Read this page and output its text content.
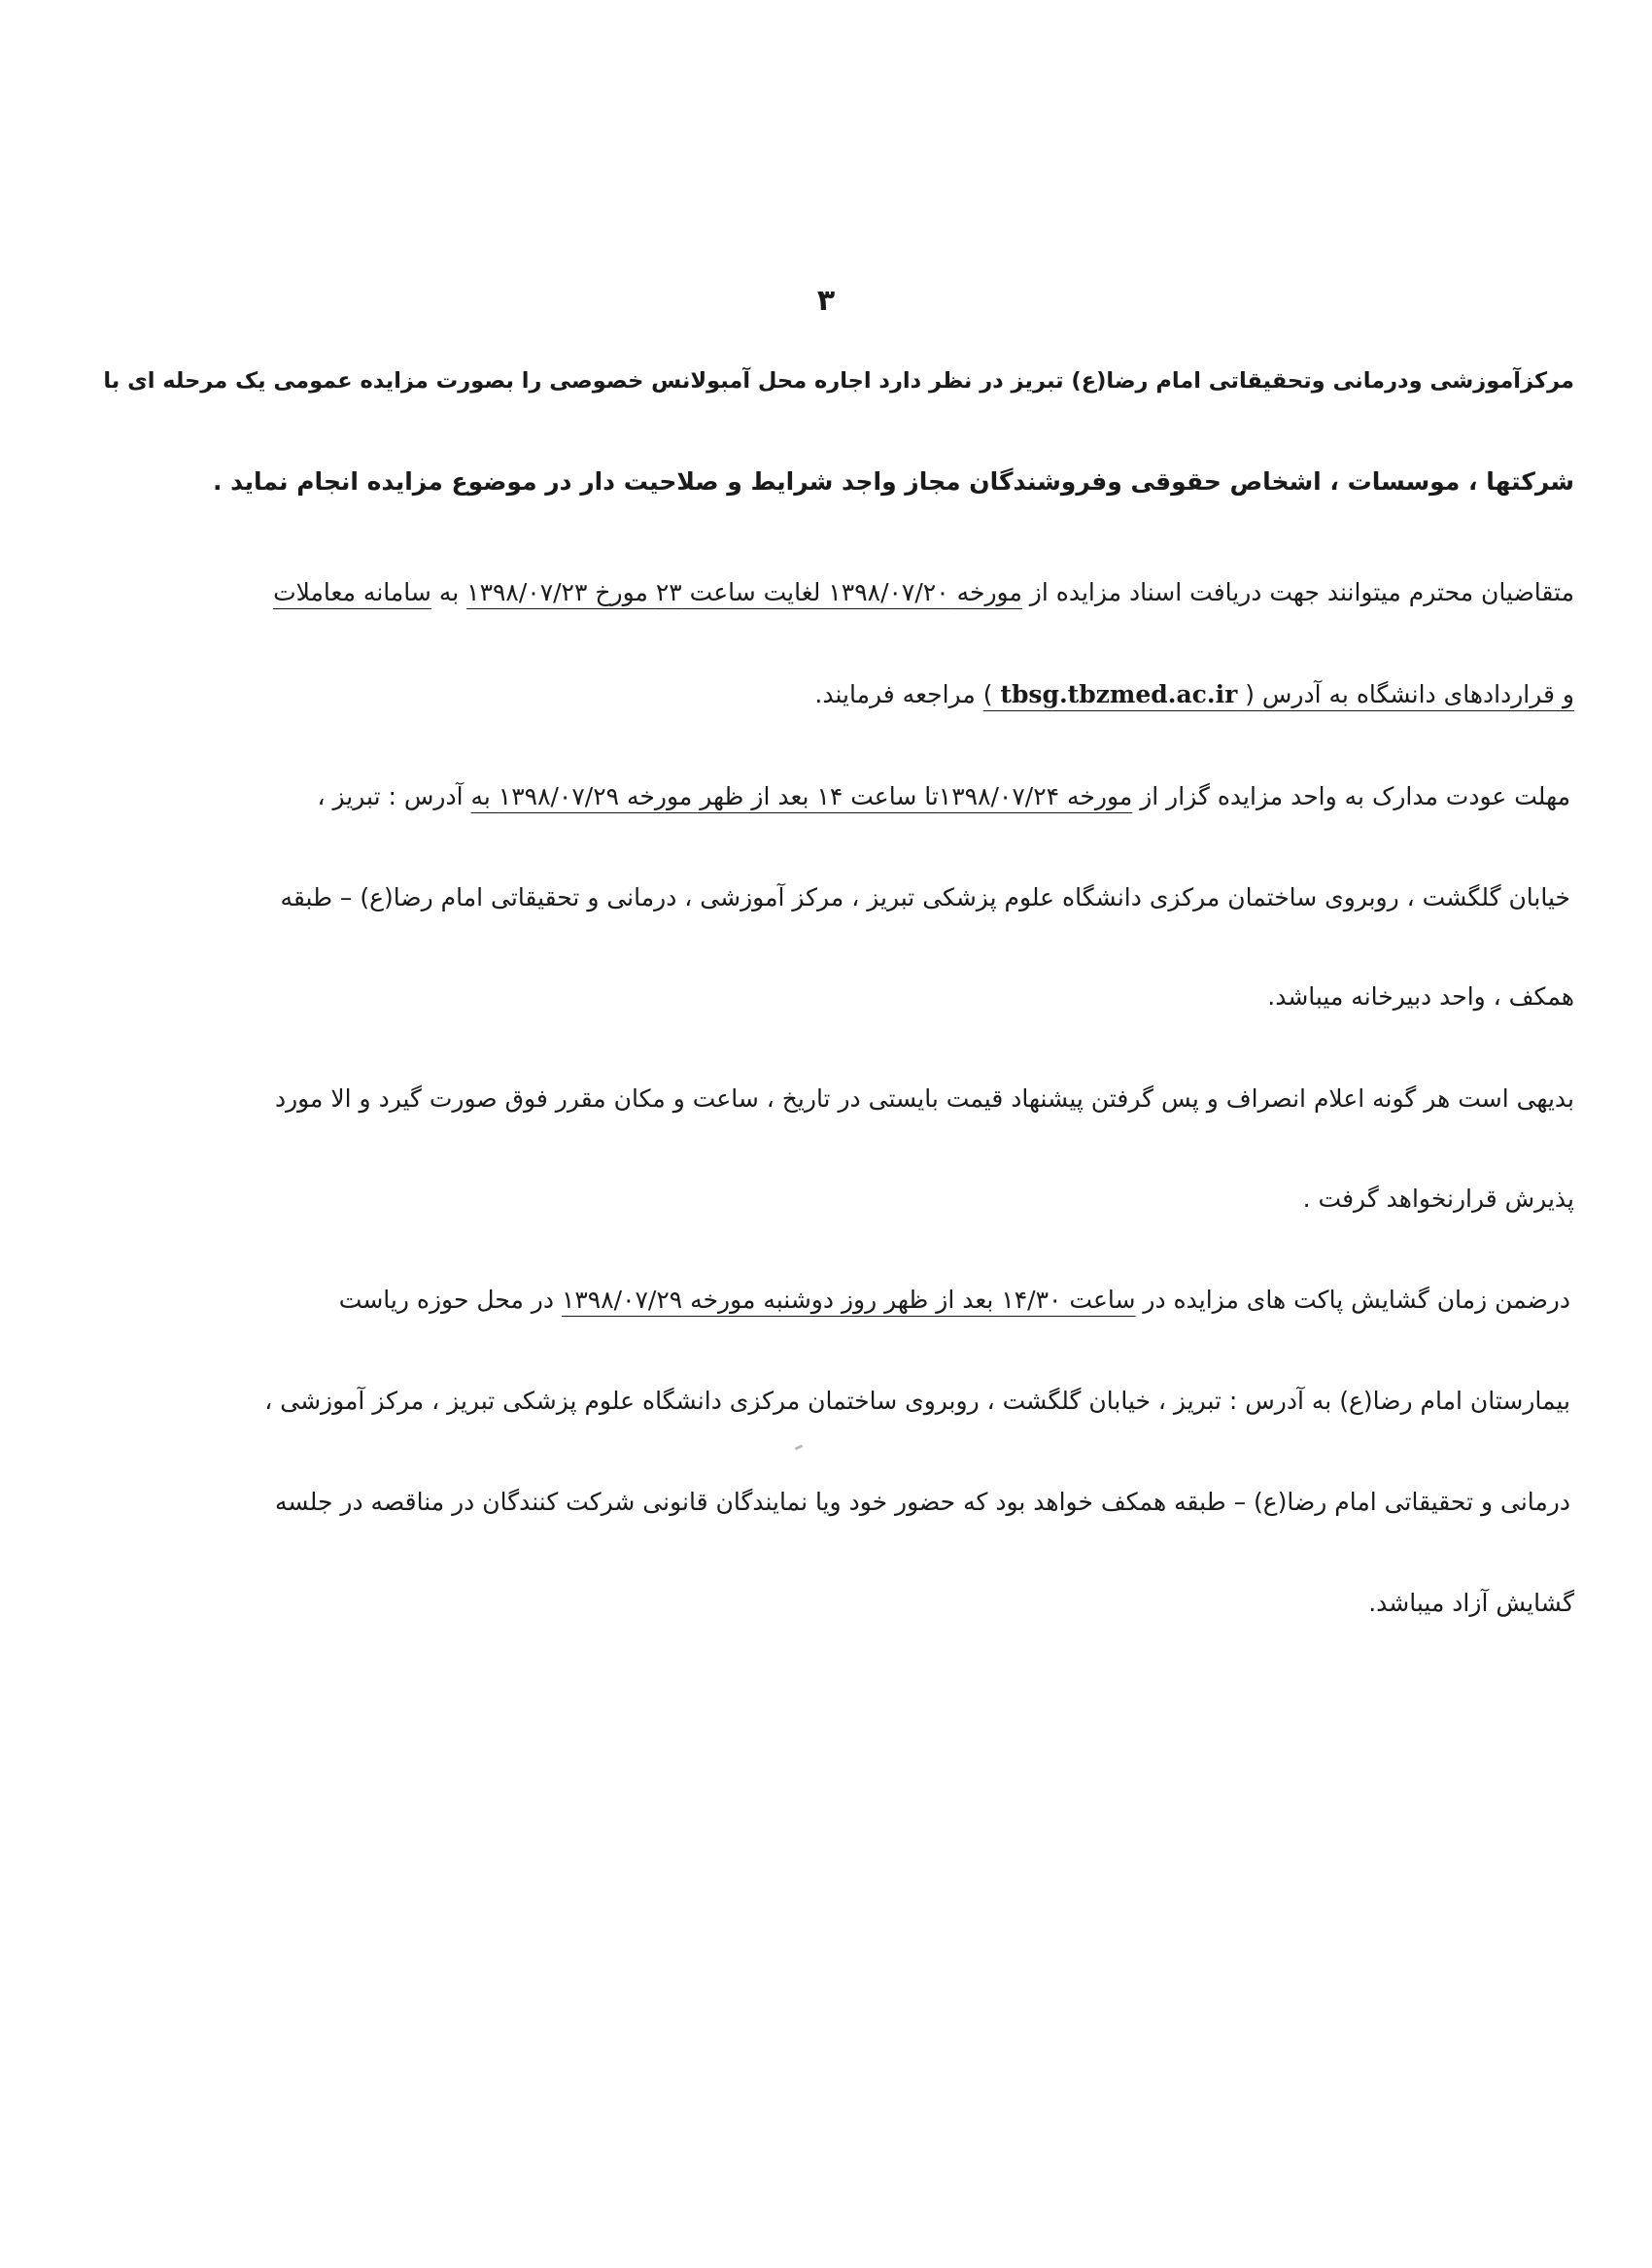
۳
مرکزآموزشی ودرمانی وتحقیقاتی امام رضا(ع) تبریز در نظر دارد اجاره محل آمبولانس خصوصی را بصورت مزایده عمومی یک مرحله ای با
شرکتها ، موسسات ، اشخاص حقوقی وفروشندگان مجاز واجد شرایط و صلاحیت دار در موضوع مزایده انجام نماید .
متقاضیان محترم میتوانند جهت دریافت اسناد مزایده از مورخه ۱۳۹۸/۰۷/۲۰ لغایت ساعت ۲۳ مورخ ۱۳۹۸/۰۷/۲۳ به سامانه معاملات
و قراردادهای دانشگاه به آدرس ( tbsg.tbzmed.ac.ir ) مراجعه فرمایند.
مهلت عودت مدارک به واحد مزایده گزار از مورخه ۱۳۹۸/۰۷/۲۴تا ساعت ۱۴ بعد از ظهر مورخه ۱۳۹۸/۰۷/۲۹ به آدرس : تبریز ،
خیابان گلگشت ، روبروی ساختمان مرکزی دانشگاه علوم پزشکی تبریز ، مرکز آموزشی ، درمانی و تحقیقاتی امام رضا(ع) – طبقه
همکف ، واحد دبیرخانه میباشد.
بدیهی است هر گونه اعلام انصراف و پس گرفتن پیشنهاد قیمت بایستی در تاریخ ، ساعت و مکان مقرر فوق صورت گیرد و الا مورد
پذیرش قرارنخواهد گرفت .
درضمن زمان گشایش پاکت های مزایده در ساعت ۱۴/۳۰ بعد از ظهر روز دوشنبه مورخه ۱۳۹۸/۰۷/۲۹ در محل حوزه ریاست
بیمارستان امام رضا(ع) به آدرس : تبریز ، خیابان گلگشت ، روبروی ساختمان مرکزی دانشگاه علوم پزشکی تبریز ، مرکز آموزشی ،
درمانی و تحقیقاتی امام رضا(ع) – طبقه همکف خواهد بود که حضور خود ویا نمایندگان قانونی شرکت کنندگان در مناقصه در جلسه
گشایش آزاد میباشد.
